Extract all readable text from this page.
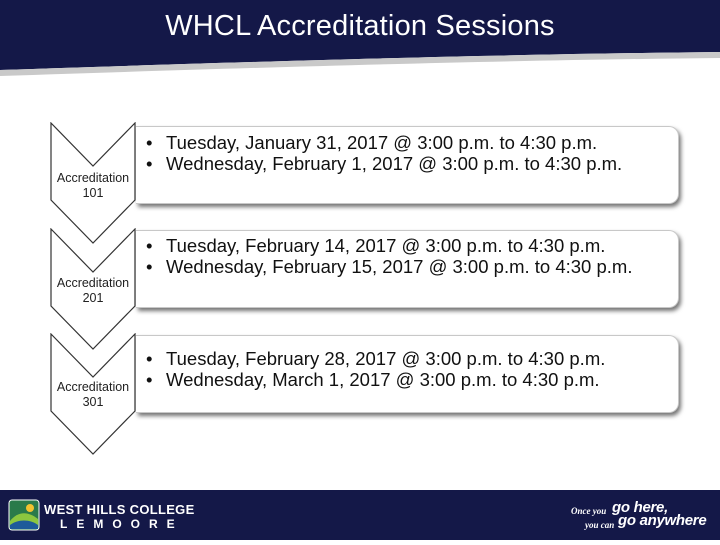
WHCL Accreditation Sessions
Accreditation
101
• Tuesday, January 31, 2017 @ 3:00 p.m. to 4:30 p.m.
• Wednesday, February 1, 2017 @ 3:00 p.m. to 4:30 p.m.
Accreditation
201
• Tuesday, February 14, 2017 @ 3:00 p.m. to 4:30 p.m.
• Wednesday, February 15, 2017 @ 3:00 p.m. to 4:30 p.m.
Accreditation
301
• Tuesday, February 28, 2017 @ 3:00 p.m. to 4:30 p.m.
• Wednesday, March 1, 2017 @ 3:00 p.m. to 4:30 p.m.
WEST HILLS COLLEGE
LEMOORE
Once you go here,
you can go anywhere
